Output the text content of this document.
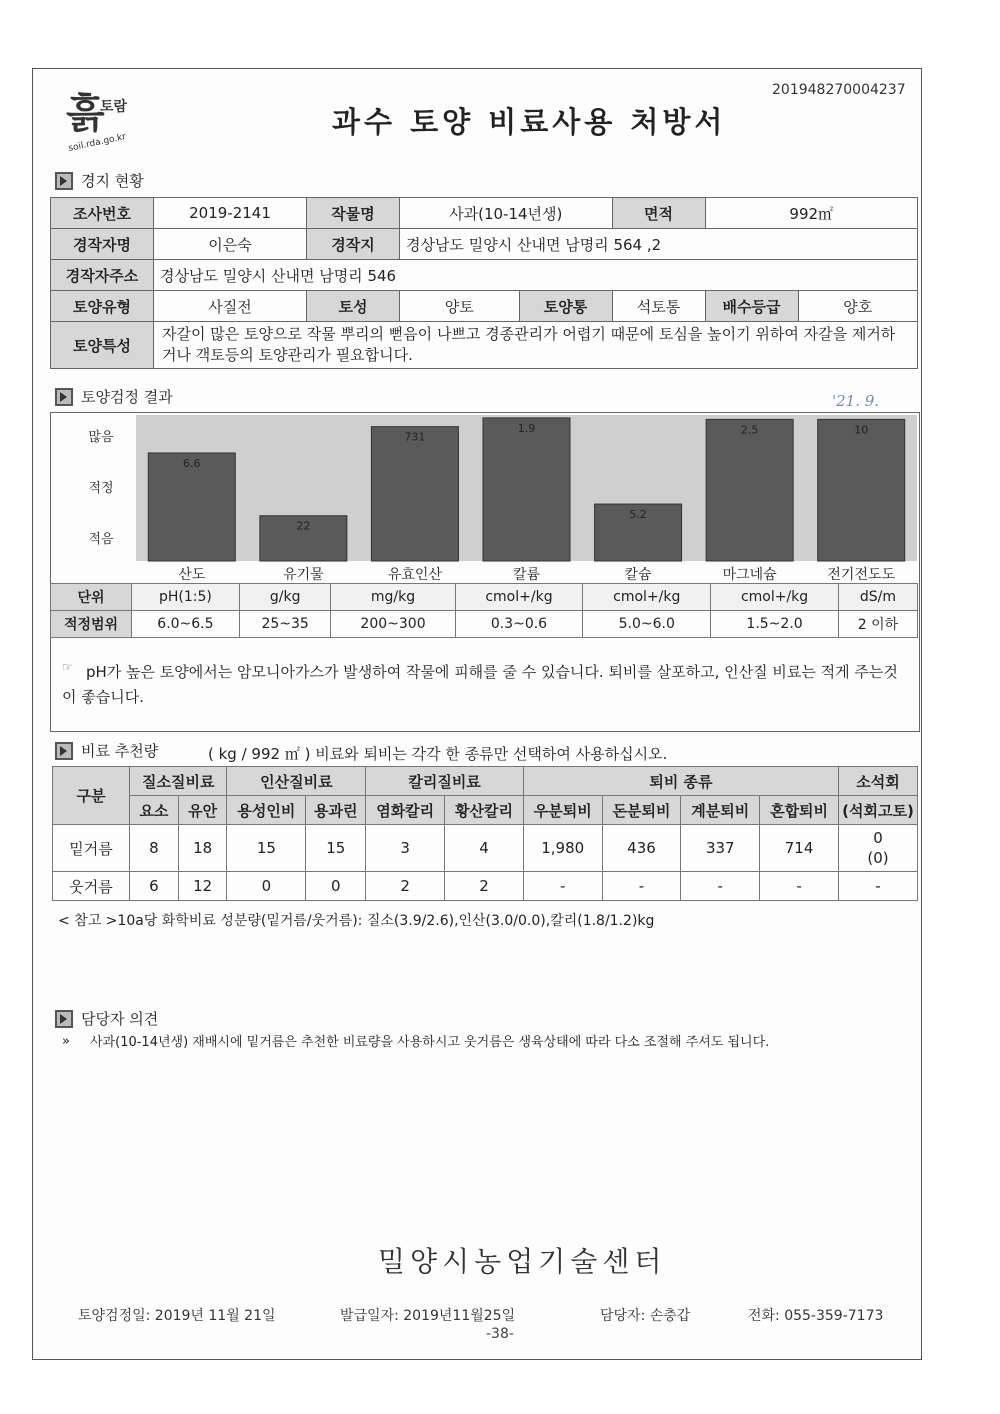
흙
토람
soil.rda.go.kr
201948270004237
과수 토양 비료사용 처방서
경지 현황
조사번호	2019-2141	작물명	사과(10-14년생)		면적	992㎡	
경작자명	이은숙	경작지	경상남도 밀양시 산내면 남명리 564 ,2				
경작자주소	경상남도 밀양시 산내면 남명리 546						
토양유형	사질전	토성	양토	토양통	석토통	배수등급	양호
토양특성	자갈이 많은 토양으로 작물 뿌리의 뻗음이 나쁘고 경종관리가 어렵기 때문에 토심을 높이기 위하여 자갈을 제거하거나 객토등의 토양관리가 필요합니다.						
토양검정 결과	'21. 9.
많음
적정
적음
6.6
산도
22
유기물
731
유효인산
1.9
칼륨
5.2
칼슘
2.5
마그네슘
10
전기전도도
단위	pH(1:5)	g/kg	mg/kg	cmol+/kg	cmol+/kg	cmol+/kg	dS/m
적정범위	6.0~6.5	25~35	200~300	0.3~0.6	5.0~6.0	1.5~2.0	2 이하
☞ pH가 높은 토양에서는 암모니아가스가 발생하여 작물에 피해를 줄 수 있습니다. 퇴비를 살포하고, 인산질 비료는 적게 주는것이 좋습니다.
비료 추천량	( kg / 992 ㎡ ) 비료와 퇴비는 각각 한 종류만 선택하여 사용하십시오.
구분	질소질비료		인산질비료		칼리질비료		퇴비 종류				소석회
	요소	유안	용성인비	용과린	염화칼리	황산칼리	우분퇴비	돈분퇴비	계분퇴비	혼합퇴비	(석회고토)
밑거름	8	18	15	15	3	4	1,980	436	337	714	0
(0)

웃거름	6	12	0	0	2	2	-	-	-	-	-
< 참고 >10a당 화학비료 성분량(밑거름/웃거름): 질소(3.9/2.6),인산(3.0/0.0),칼리(1.8/1.2)kg
담당자 의견
» 사과(10-14년생) 재배시에 밑거름은 추천한 비료량을 사용하시고 웃거름은 생육상태에 따라 다소 조절해 주셔도 됩니다.
밀양시농업기술센터
토양검정일: 2019년 11월 21일	발급일자: 2019년11월25일	담당자: 손충갑	전화: 055-359-7173
-38-
